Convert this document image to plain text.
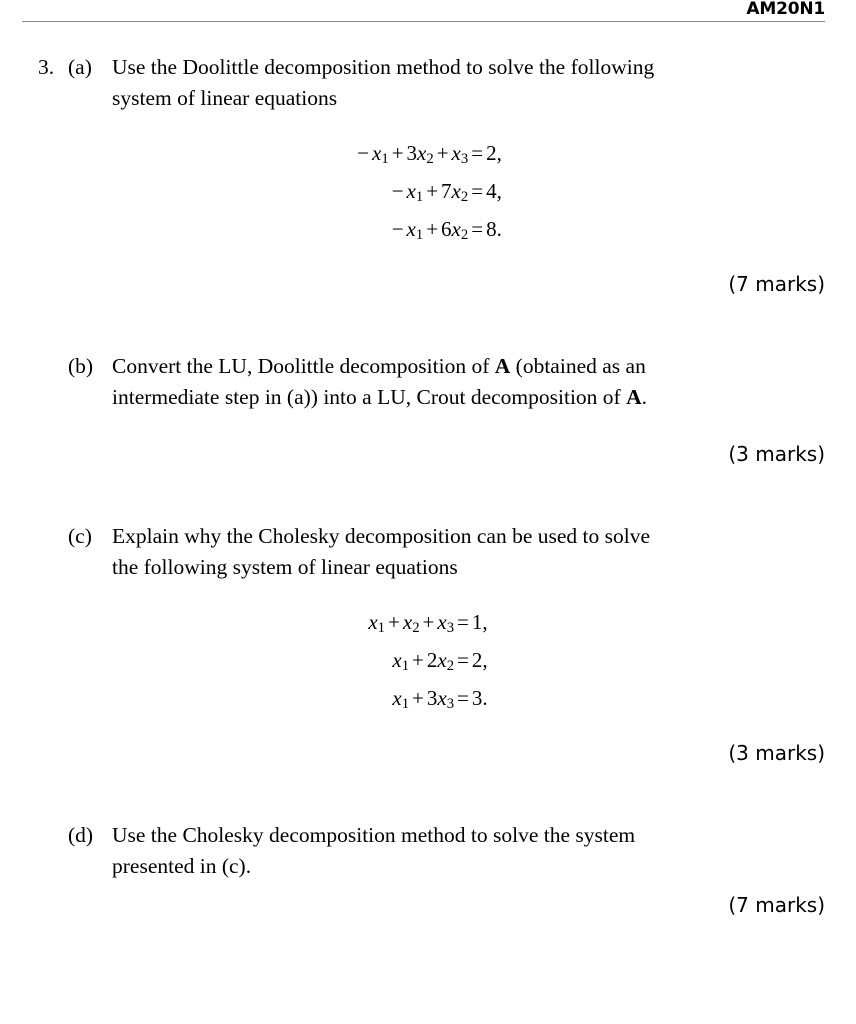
AM20N1
3. (a) Use the Doolittle decomposition method to solve the following
system of linear equations
− $x_1 + 3x_2 + x_3 = 2$,
− $x_1 + 7x_2 = 4$,
− $x_1 + 6x_2 = 8$.
(7 marks)
(b) Convert the LU, Doolittle decomposition of A (obtained as an
intermediate step in (a)) into a LU, Crout decomposition of A.
(3 marks)
(c) Explain why the Cholesky decomposition can be used to solve
the following system of linear equations
$x_1 + x_2 + x_3 = 1$,
$x_1 + 2x_2 = 2$,
$x_1 + 3x_3 = 3$.
(3 marks)
(d) Use the Cholesky decomposition method to solve the system
presented in (c).
(7 marks)
